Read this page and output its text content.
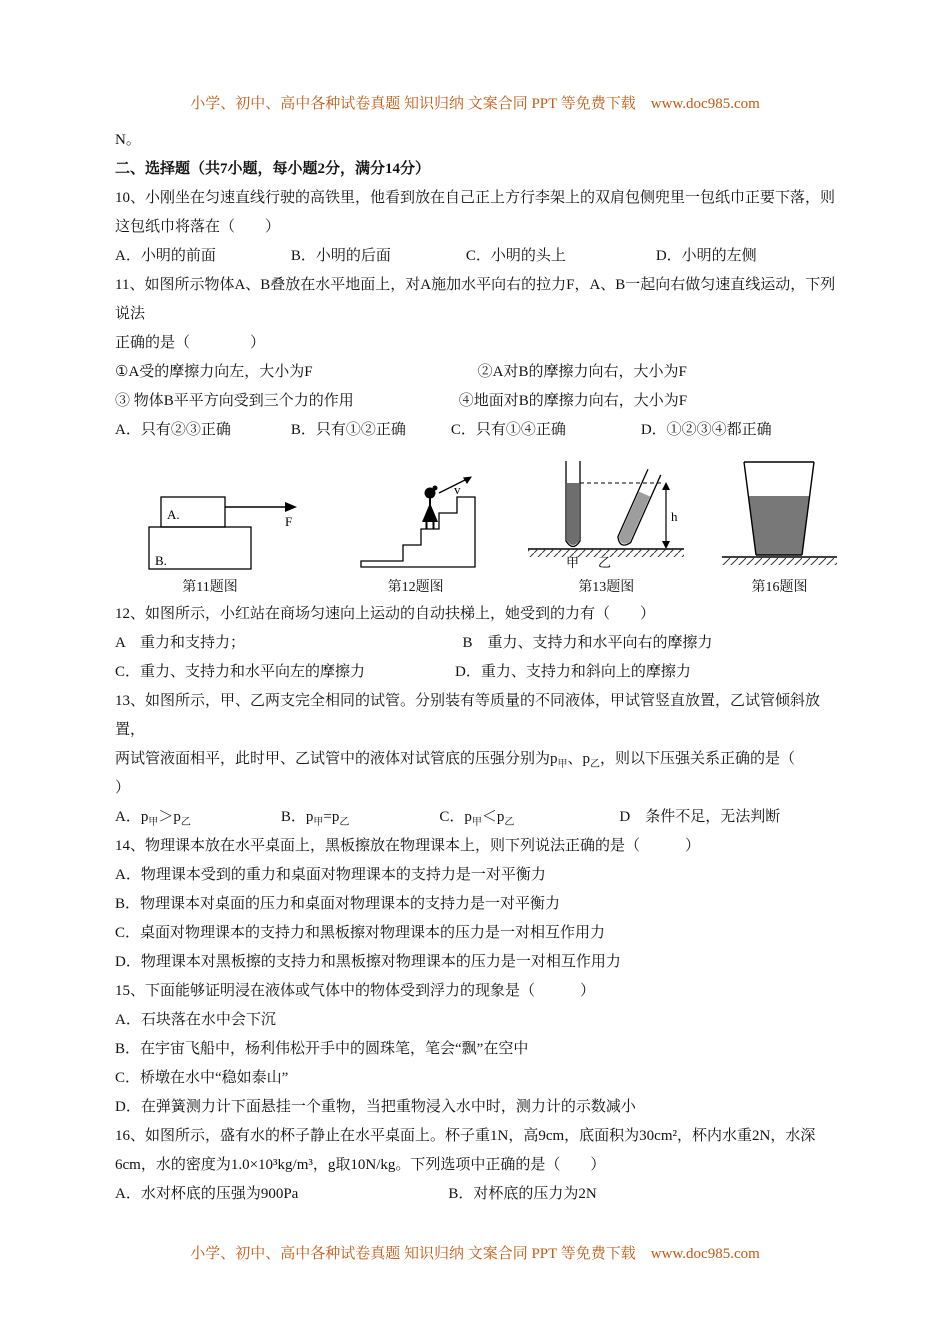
小学、初中、高中各种试卷真题 知识归纳 文案合同 PPT 等免费下载　www.doc985.com
N。
二、选择题（共7小题，每小题2分，满分14分）
10、小刚坐在匀速直线行驶的高铁里，他看到放在自己正上方行李架上的双肩包侧兜里一包纸巾正要下落，则
这包纸巾将落在（　　）
A．小明的前面　　　　　B．小明的后面　　　　　C．小明的头上　　　　　　D．小明的左侧
11、如图所示物体A、B叠放在水平地面上，对A施加水平向右的拉力F，A、B一起向右做匀速直线运动，下列说法
正确的是（　　　　）
①A受的摩擦力向左，大小为F　　　　　　　　　　　②A对B的摩擦力向右，大小为F
③ 物体B平平方向受到三个力的作用　　　　　　　④地面对B的摩擦力向右，大小为F
A．只有②③正确　　　　B．只有①②正确　　　C．只有①④正确　　　　　D．①②③④都正确
B.
A.	F
第11题图
v
第12题图
h
甲 乙
第13题图	第16题图
12、如图所示，小红站在商场匀速向上运动的自动扶梯上，她受到的力有（　　）
A　重力和支持力；　　　　　　　　　　　　　　　B　重力、支持力和水平向右的摩擦力
C．重力、支持力和水平向左的摩擦力　　　　　　D．重力、支持力和斜向上的摩擦力
13、如图所示，甲、乙两支完全相同的试管。分别装有等质量的不同液体，甲试管竖直放置，乙试管倾斜放置，
两试管液面相平，此时甲、乙试管中的液体对试管底的压强分别为$p_甲$、$p_乙$，则以下压强关系正确的是（
）
A．$p_甲>p_乙$　　　　　　B．$p_甲=p_乙$　　　　　　C．$p_甲<p_乙$　　　　　　　D　条件不足，无法判断
14、物理课本放在水平桌面上，黑板擦放在物理课本上，则下列说法正确的是（　　　）
A．物理课本受到的重力和桌面对物理课本的支持力是一对平衡力
B．物理课本对桌面的压力和桌面对物理课本的支持力是一对平衡力
C．桌面对物理课本的支持力和黑板擦对物理课本的压力是一对相互作用力
D．物理课本对黑板擦的支持力和黑板擦对物理课本的压力是一对相互作用力
15、下面能够证明浸在液体或气体中的物体受到浮力的现象是（　　　）
A．石块落在水中会下沉
B．在宇宙飞船中，杨利伟松开手中的圆珠笔，笔会“飘”在空中
C．桥墩在水中“稳如泰山”
D．在弹簧测力计下面悬挂一个重物，当把重物浸入水中时，测力计的示数减小
16、如图所示，盛有水的杯子静止在水平桌面上。杯子重1N，高9cm，底面积为30cm²，杯内水重2N，水深
6cm，水的密度为1.0×10³kg/m³，g取10N/kg。下列选项中正确的是（　　）
A．水对杯底的压强为900Pa　　　　　　　　　　B．对杯底的压力为2N
小学、初中、高中各种试卷真题 知识归纳 文案合同 PPT 等免费下载　www.doc985.com
